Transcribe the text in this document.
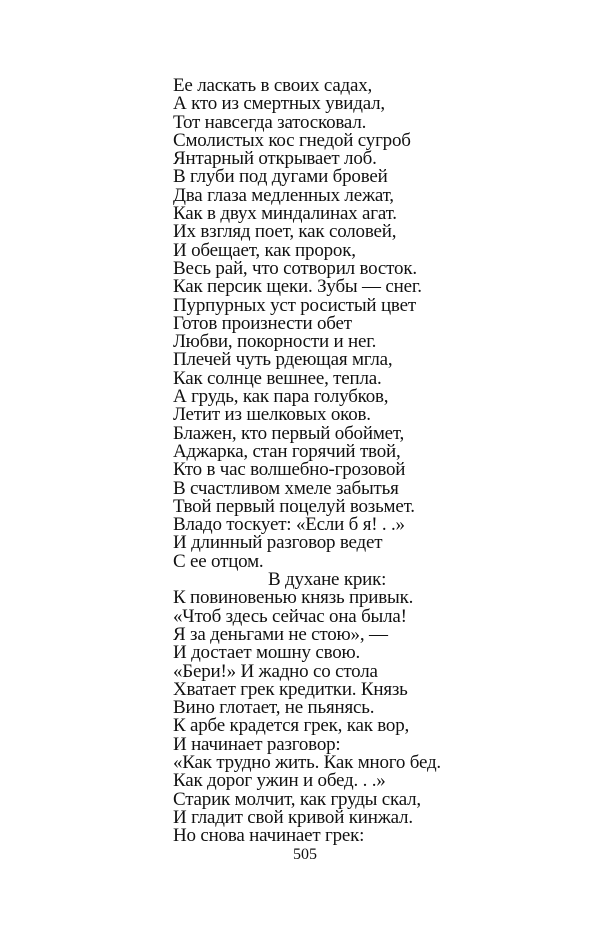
Ее ласкать в своих садах,
А кто из смертных увидал,
Тот навсегда затосковал.
Смолистых кос гнедой сугроб
Янтарный открывает лоб.
В глуби под дугами бровей
Два глаза медленных лежат,
Как в двух миндалинах агат.
Их взгляд поет, как соловей,
И обещает, как пророк,
Весь рай, что сотворил восток.
Как персик щеки. Зубы — снег.
Пурпурных уст росистый цвет
Готов произнести обет
Любви, покорности и нег.
Плечей чуть рдеющая мгла,
Как солнце вешнее, тепла.
А грудь, как пара голубков,
Летит из шелковых оков.
Блажен, кто первый обоймет,
Аджарка, стан горячий твой,
Кто в час волшебно-грозовой
В счастливом хмеле забытья
Твой первый поцелуй возьмет.
Владо тоскует: «Если б я! . .»
И длинный разговор ведет
С ее отцом.
В духане крик:
К повиновенью князь привык.
«Чтоб здесь сейчас она была!
Я за деньгами не стою», —
И достает мошну свою.
«Бери!» И жадно со стола
Хватает грек кредитки. Князь
Вино глотает, не пьянясь.
К арбе крадется грек, как вор,
И начинает разговор:
«Как трудно жить. Как много бед.
Как дорог ужин и обед. . .»
Старик молчит, как груды скал,
И гладит свой кривой кинжал.
Но снова начинает грек:
505
